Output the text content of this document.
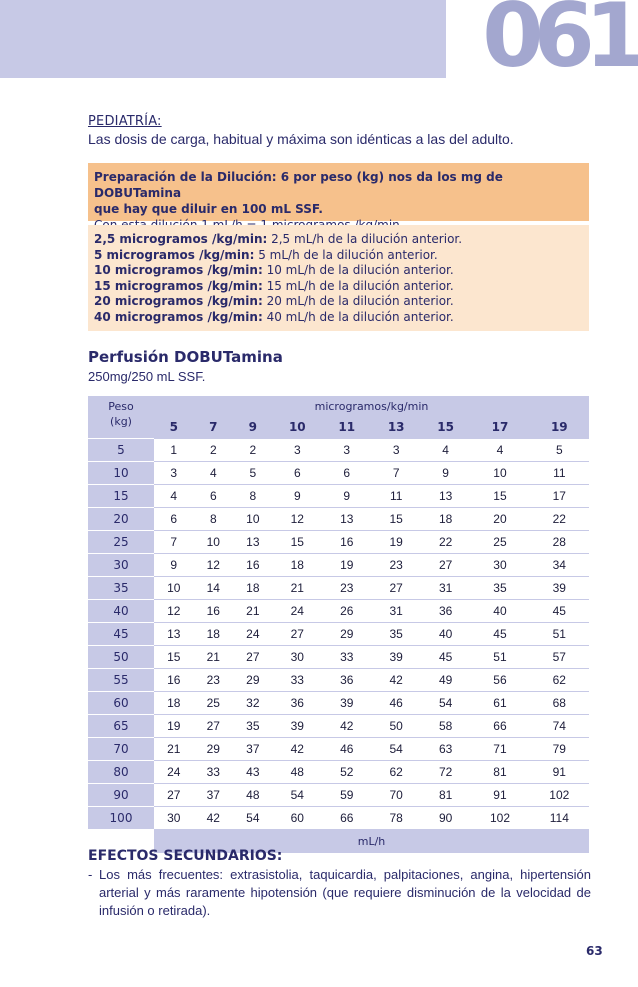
061
PEDIATRÍA:
Las dosis de carga, habitual y máxima son idénticas a las del adulto.
Preparación de la Dilución: 6 por peso (kg) nos da los mg de DOBUTamina
que hay que diluir en 100 mL SSF.
2,5 microgramos /kg/min: 2,5 mL/h de la dilución anterior.
5 microgramos /kg/min: 5 mL/h de la dilución anterior.
10 microgramos /kg/min: 10 mL/h de la dilución anterior.
15 microgramos /kg/min: 15 mL/h de la dilución anterior.
20 microgramos /kg/min: 20 mL/h de la dilución anterior.
40 microgramos /kg/min: 40 mL/h de la dilución anterior.
Perfusión DOBUTamina
250mg/250 mL SSF.
Peso
(kg)	microgramos/kg/min								
	5	7	9	10	11	13	15	17	19
5	1	2	2	3	3	3	4	4	5
10	3	4	5	6	6	7	9	10	11
15	4	6	8	9	9	11	13	15	17
20	6	8	10	12	13	15	18	20	22
25	7	10	13	15	16	19	22	25	28
30	9	12	16	18	19	23	27	30	34
35	10	14	18	21	23	27	31	35	39
40	12	16	21	24	26	31	36	40	45
45	13	18	24	27	29	35	40	45	51
50	15	21	27	30	33	39	45	51	57
55	16	23	29	33	36	42	49	56	62
60	18	25	32	36	39	46	54	61	68
65	19	27	35	39	42	50	58	66	74
70	21	29	37	42	46	54	63	71	79
80	24	33	43	48	52	62	72	81	91
90	27	37	48	54	59	70	81	91	102
100	30	42	54	60	66	78	90	102	114
	mL/h								
EFECTOS SECUNDARIOS:
- Los más frecuentes: extrasistolia, taquicardia, palpitaciones, angina, hipertensión arterial y más raramente hipotensión (que requiere disminución de la velocidad de infusión o retirada).
63
